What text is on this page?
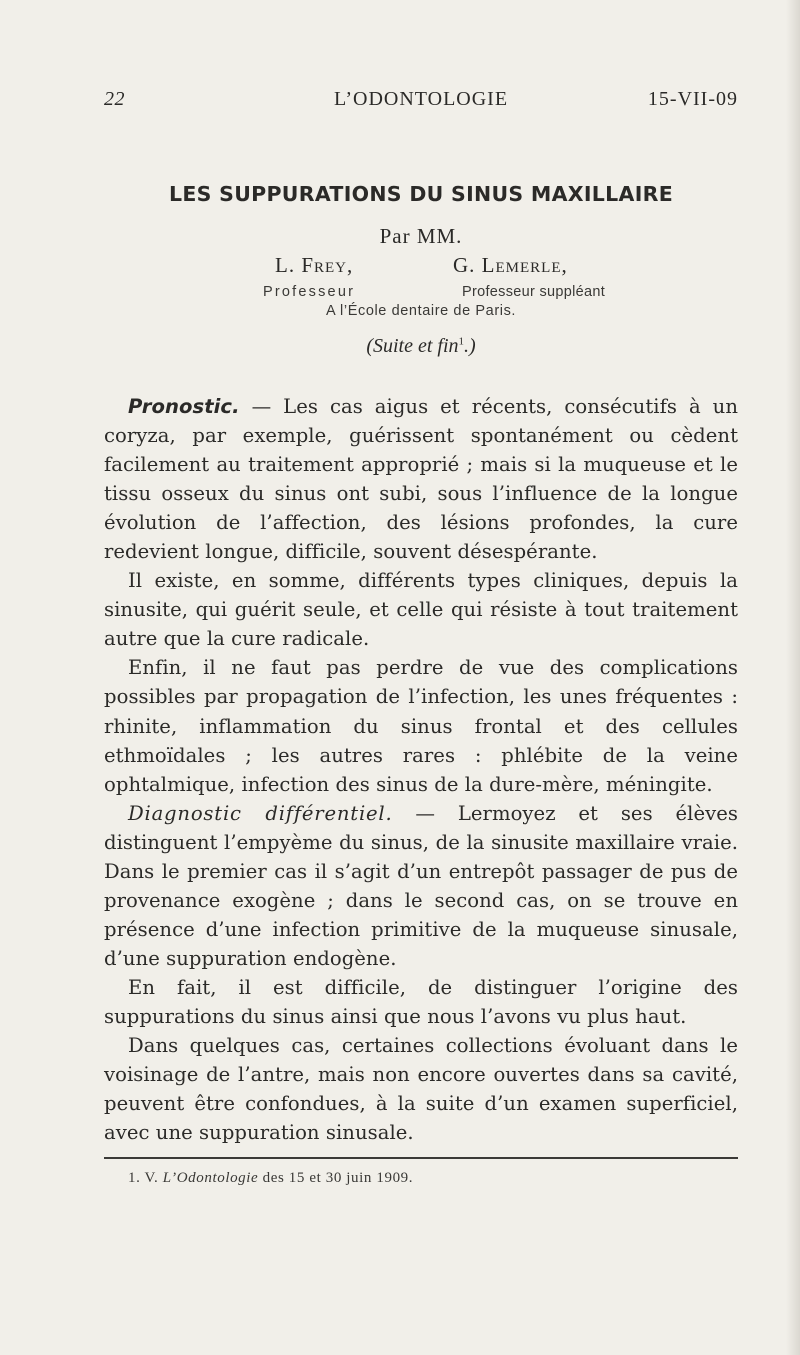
22	L’ODONTOLOGIE	15-VII-09
LES SUPPURATIONS DU SINUS MAXILLAIRE
Par MM.
L. Frey,	G. Lemerle,
Professeur	Professeur suppléant
A l’École dentaire de Paris.
(Suite et fin$^1$.)

Pronostic. — Les cas aigus et récents, consécutifs à un coryza, par exemple, guérissent spontanément ou cèdent facilement au traitement approprié ; mais si la muqueuse et le tissu osseux du sinus ont subi, sous l’influence de la longue évolution de l’affection, des lésions profondes, la cure redevient longue, difficile, souvent désespérante.

Il existe, en somme, différents types cliniques, depuis la sinusite, qui guérit seule, et celle qui résiste à tout traitement autre que la cure radicale.

Enfin, il ne faut pas perdre de vue des complications possibles par propagation de l’infection, les unes fréquentes : rhinite, inflammation du sinus frontal et des cellules ethmoïdales ; les autres rares : phlébite de la veine ophtalmique, infection des sinus de la dure-mère, méningite.

Diagnostic différentiel. — Lermoyez et ses élèves distinguent l’empyème du sinus, de la sinusite maxillaire vraie. Dans le premier cas il s’agit d’un entrepôt passager de pus de provenance exogène ; dans le second cas, on se trouve en présence d’une infection primitive de la muqueuse sinusale, d’une suppuration endogène.

En fait, il est difficile, de distinguer l’origine des suppurations du sinus ainsi que nous l’avons vu plus haut.

Dans quelques cas, certaines collections évoluant dans le voisinage de l’antre, mais non encore ouvertes dans sa cavité, peuvent être confondues, à la suite d’un examen superficiel, avec une suppuration sinusale.

1. V. L’Odontologie des 15 et 30 juin 1909.
